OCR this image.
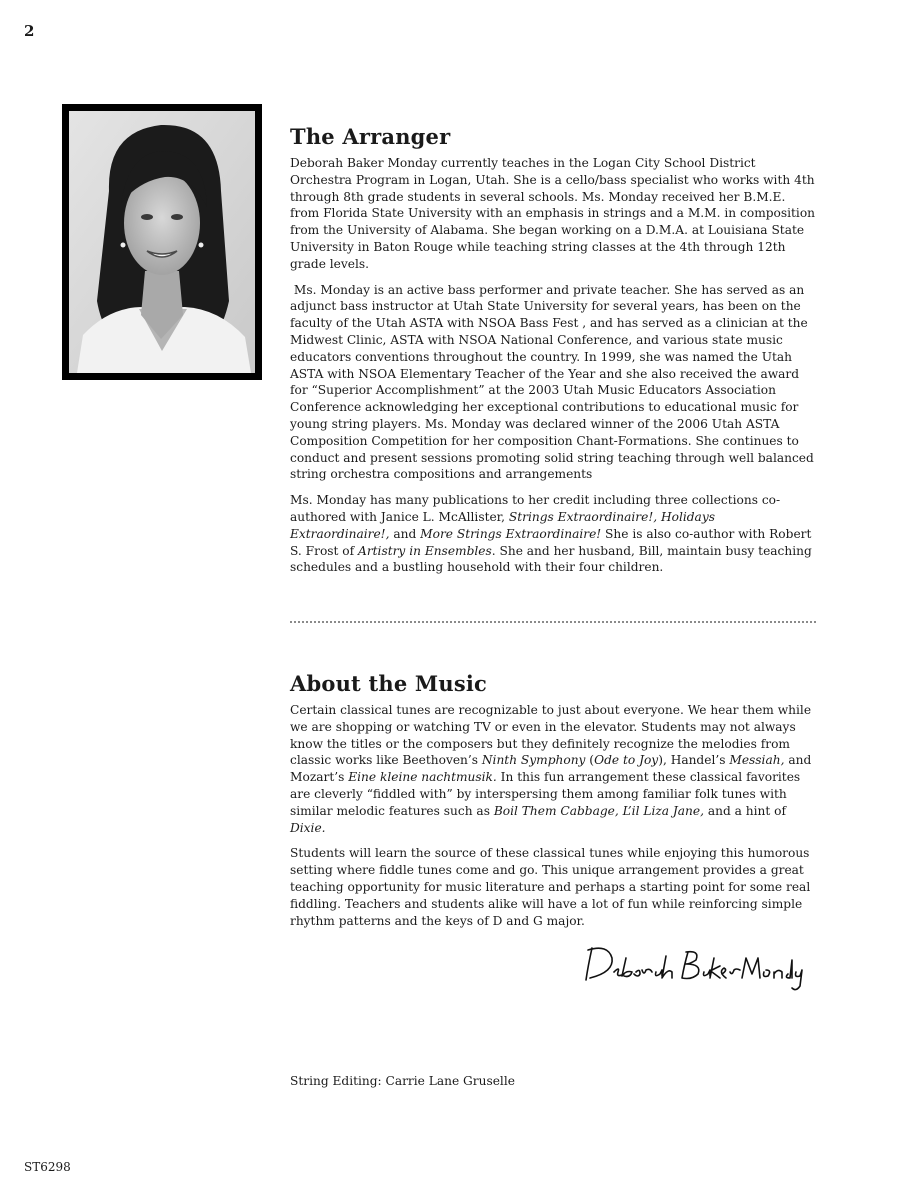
2
The Arranger

Deborah Baker Monday currently teaches in the Logan City School District Orchestra Program in Logan, Utah. She is a cello/bass specialist who works with 4th through 8th grade students in several schools. Ms. Monday received her B.M.E. from Florida State University with an emphasis in strings and a M.M. in composition from the University of Alabama. She began working on a D.M.A. at Louisiana State University in Baton Rouge while teaching string classes at the 4th through 12th grade levels.

Ms. Monday is an active bass performer and private teacher. She has served as an adjunct bass instructor at Utah State University for several years, has been on the faculty of the Utah ASTA with NSOA Bass Fest , and has served as a clinician at the Midwest Clinic, ASTA with NSOA National Conference, and various state music educators conventions throughout the country. In 1999, she was named the Utah ASTA with NSOA Elementary Teacher of the Year and she also received the award for “Superior Accomplishment” at the 2003 Utah Music Educators Association Conference acknowledging her exceptional contributions to educational music for young string players. Ms. Monday was declared winner of the 2006 Utah ASTA Composition Competition for her composition Chant-Formations. She continues to conduct and present sessions promoting solid string teaching through well balanced string orchestra compositions and arrangements

Ms. Monday has many publications to her credit including three collections co-authored with Janice L. McAllister, Strings Extraordinaire!, Holidays Extraordinaire!, and More Strings Extraordinaire! She is also co-author with Robert S. Frost of Artistry in Ensembles. She and her husband, Bill, maintain busy teaching schedules and a bustling household with their four children.

About the Music

Certain classical tunes are recognizable to just about everyone. We hear them while we are shopping or watching TV or even in the elevator. Students may not always know the titles or the composers but they definitely recognize the melodies from classic works like Beethoven’s Ninth Symphony (Ode to Joy), Handel’s Messiah, and Mozart’s Eine kleine nachtmusik. In this fun arrangement these classical favorites are cleverly “fiddled with” by interspersing them among familiar folk tunes with similar melodic features such as Boil Them Cabbage, L’il Liza Jane, and a hint of Dixie.

Students will learn the source of these classical tunes while enjoying this humorous setting where fiddle tunes come and go. This unique arrangement provides a great teaching opportunity for music literature and perhaps a starting point for some real fiddling. Teachers and students alike will have a lot of fun while reinforcing simple rhythm patterns and the keys of D and G major.

String Editing: Carrie Lane Gruselle

ST6298
